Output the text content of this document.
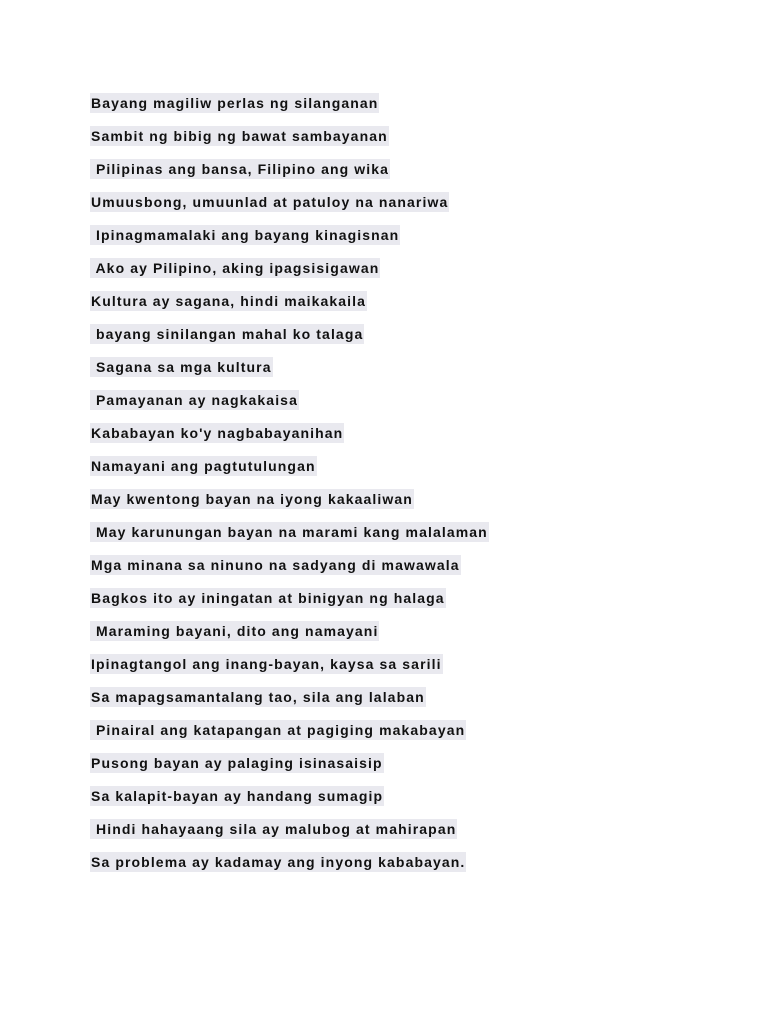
Bayang magiliw perlas ng silanganan
Sambit ng bibig ng bawat sambayanan
Pilipinas ang bansa, Filipino ang wika
Umuusbong, umuunlad at patuloy na nanariwa
Ipinagmamalaki ang bayang kinagisnan
Ako ay Pilipino, aking ipagsisigawan
Kultura ay sagana, hindi maikakaila
bayang sinilangan mahal ko talaga
Sagana sa mga kultura
Pamayanan ay nagkakaisa
Kababayan ko'y nagbabayanihan
Namayani ang pagtutulungan
May kwentong bayan na iyong kakaaliwan
May karunungan bayan na marami kang malalaman
Mga minana sa ninuno na sadyang di mawawala
Bagkos ito ay iningatan at binigyan ng halaga
Maraming bayani, dito ang namayani
Ipinagtangol ang inang-bayan, kaysa sa sarili
Sa mapagsamantalang tao, sila ang lalaban
Pinairal ang katapangan at pagiging makabayan
Pusong bayan ay palaging isinasaisip
Sa kalapit-bayan ay handang sumagip
Hindi hahayaang sila ay malubog at mahirapan
Sa problema ay kadamay ang inyong kababayan.
